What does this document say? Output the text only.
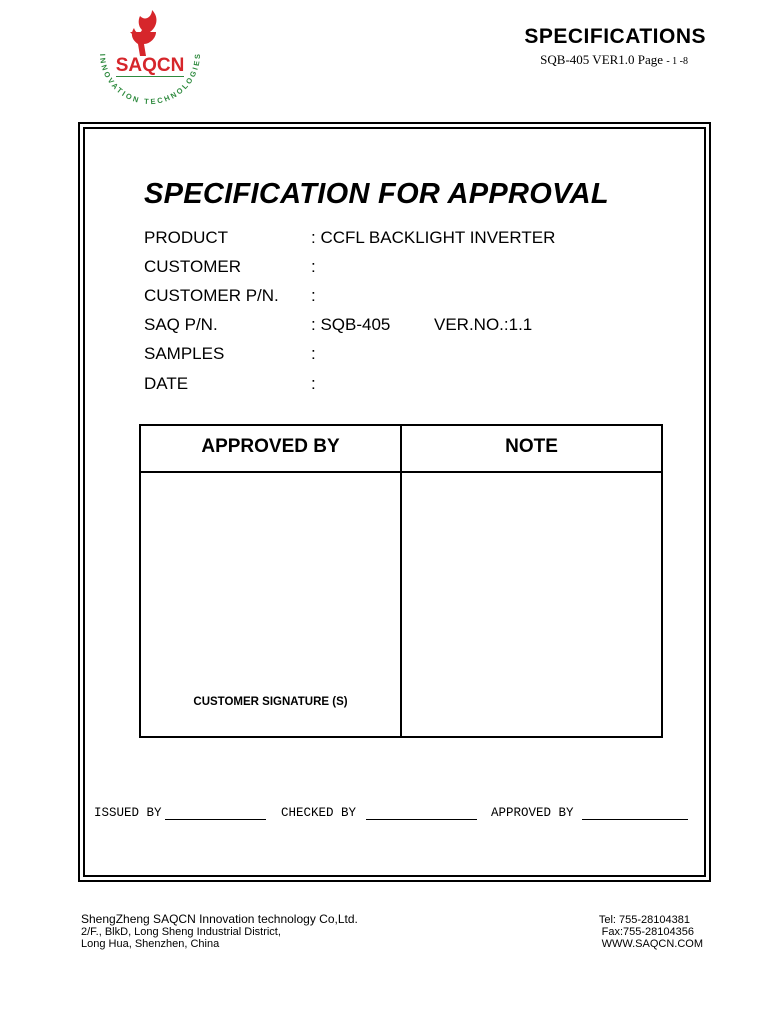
INNOVATION TECHNOLOGIES
SAQCN
SPECIFICATIONS
SQB-405 VER1.0 Page - 1 -8
SPECIFICATION FOR APPROVAL
PRODUCT	: CCFL BACKLIGHT INVERTER
CUSTOMER	:
CUSTOMER P/N. :
SAQ P/N.	: SQB-405	VER.NO.:1.1
SAMPLES	:
DATE	:
APPROVED BY	NOTE
CUSTOMER SIGNATURE (S)
ISSUED BY	CHECKED BY	APPROVED BY
ShengZheng SAQCN Innovation technology Co,Ltd.
2/F., BlkD, Long Sheng Industrial District,
Long Hua, Shenzhen, China
Tel: 755-28104381
Fax:755-28104356
WWW.SAQCN.COM
